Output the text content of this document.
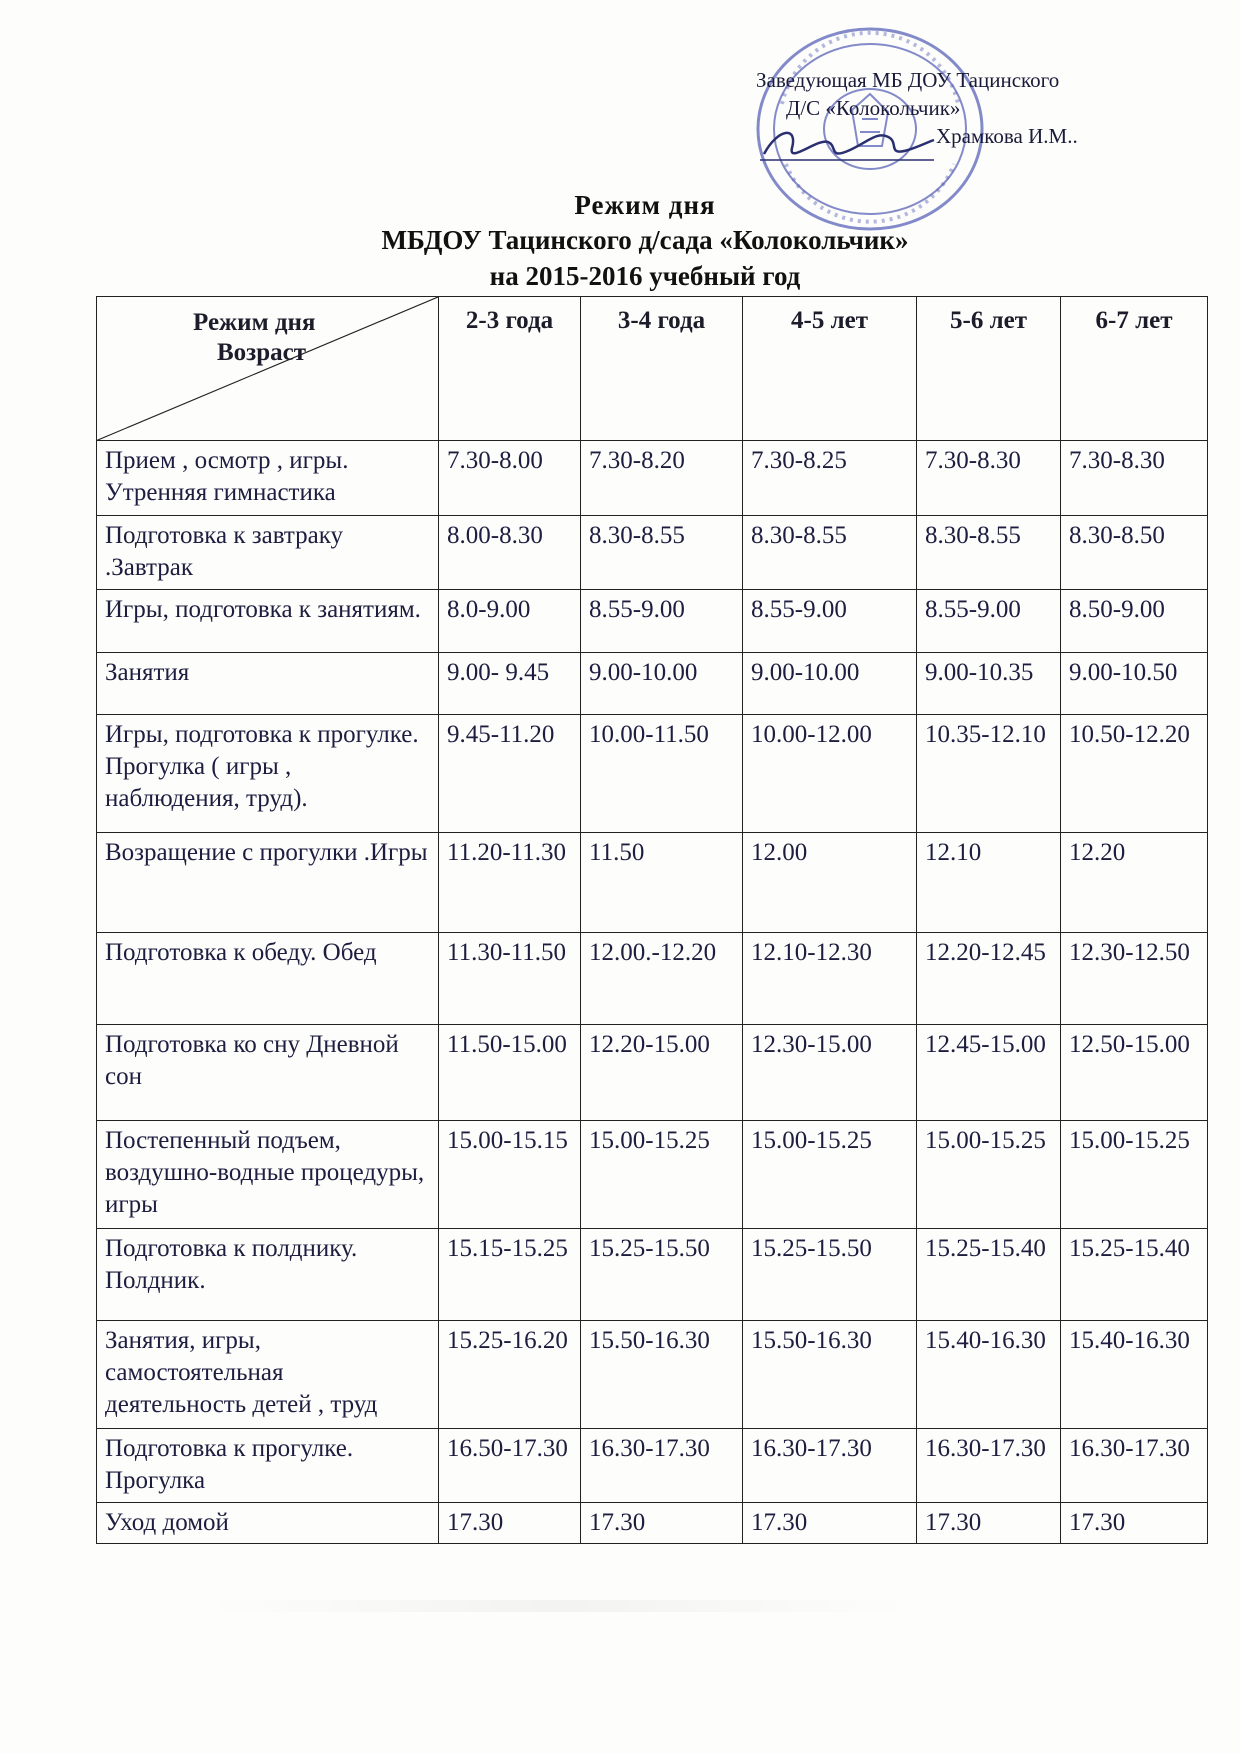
Заведующая МБ ДОУ Тацинского
Д/С «Колокольчик»
Храмкова И.М..
Режим дня
МБДОУ Тацинского д/сада «Колокольчик»
на 2015-2016 учебный год
Режим дня
Возраст	2-3 года	3-4 года	4-5 лет	5-6 лет	6-7 лет
Прием , осмотр , игры. Утренняя гимнастика	7.30-8.00	7.30-8.20	7.30-8.25	7.30-8.30	7.30-8.30
Подготовка к завтраку .Завтрак	8.00-8.30	8.30-8.55	8.30-8.55	8.30-8.55	8.30-8.50
Игры, подготовка к занятиям.	8.0-9.00	8.55-9.00	8.55-9.00	8.55-9.00	8.50-9.00
Занятия	9.00- 9.45	9.00-10.00	9.00-10.00	9.00-10.35	9.00-10.50
Игры, подготовка к прогулке. Прогулка ( игры , наблюдения, труд).	9.45-11.20	10.00-11.50	10.00-12.00	10.35-12.10	10.50-12.20
Возращение с прогулки .Игры	11.20-11.30	11.50	12.00	12.10	12.20
Подготовка к обеду. Обед	11.30-11.50	12.00.-12.20	12.10-12.30	12.20-12.45	12.30-12.50
Подготовка ко сну Дневной сон	11.50-15.00	12.20-15.00	12.30-15.00	12.45-15.00	12.50-15.00
Постепенный подъем, воздушно-водные процедуры, игры	15.00-15.15	15.00-15.25	15.00-15.25	15.00-15.25	15.00-15.25
Подготовка к полднику. Полдник.	15.15-15.25	15.25-15.50	15.25-15.50	15.25-15.40	15.25-15.40
Занятия, игры, самостоятельная деятельность детей , труд	15.25-16.20	15.50-16.30	15.50-16.30	15.40-16.30	15.40-16.30
Подготовка к прогулке. Прогулка	16.50-17.30	16.30-17.30	16.30-17.30	16.30-17.30	16.30-17.30
Уход домой	17.30	17.30	17.30	17.30	17.30
